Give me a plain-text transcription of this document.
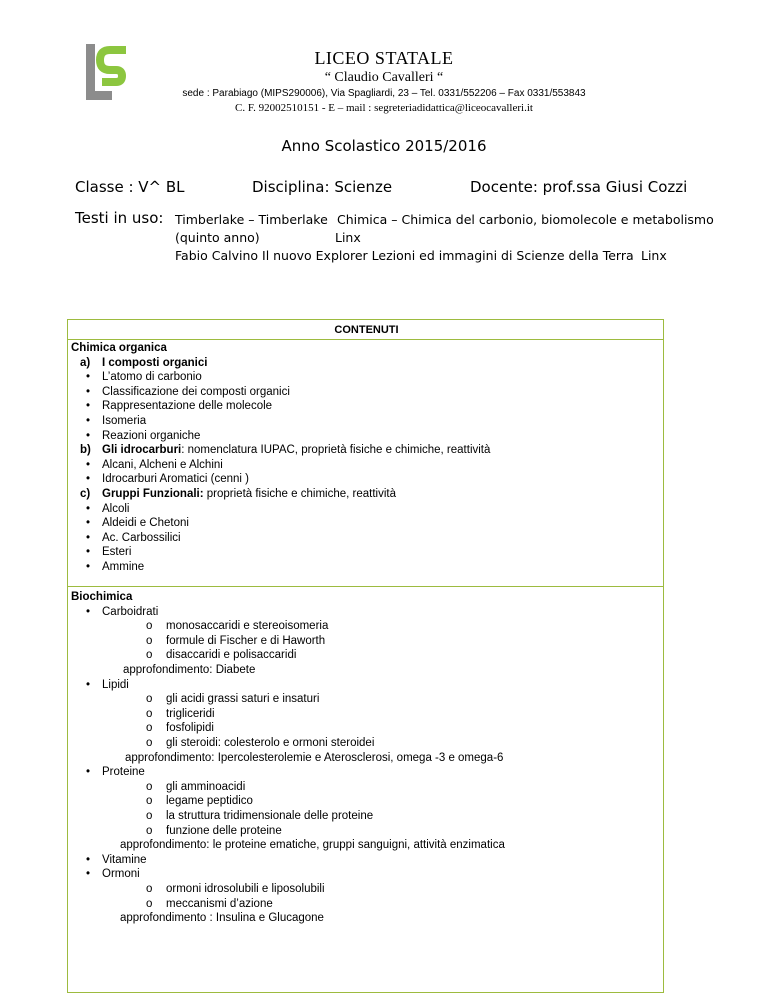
LICEO STATALE
“ Claudio Cavalleri “
sede : Parabiago (MIPS290006), Via Spagliardi, 23 – Tel. 0331/552206 – Fax 0331/553843
C. F. 92002510151 - E – mail : segreteriadidattica@liceocavalleri.it
Anno Scolastico 2015/2016
Classe : V^ BL	Disciplina: Scienze	Docente: prof.ssa Giusi Cozzi
Testi in uso: Timberlake – Timberlake Chimica – Chimica del carbonio, biomolecole e metabolismo
(quinto anno)	Linx
Fabio Calvino Il nuovo Explorer Lezioni ed immagini di Scienze della Terra Linx
CONTENUTI
Chimica organica
a) I composti organici
• L’atomo di carbonio
• Classificazione dei composti organici
• Rappresentazione delle molecole
• Isomeria
• Reazioni organiche
b) Gli idrocarburi: nomenclatura IUPAC, proprietà fisiche e chimiche, reattività
• Alcani, Alcheni e Alchini
• Idrocarburi Aromatici (cenni )
c) Gruppi Funzionali: proprietà fisiche e chimiche, reattività
• Alcoli
• Aldeidi e Chetoni
• Ac. Carbossilici
• Esteri
• Ammine
Biochimica
• Carboidrati
o monosaccaridi e stereoisomeria
o formule di Fischer e di Haworth
o disaccaridi e polisaccaridi
approfondimento: Diabete
• Lipidi
o gli acidi grassi saturi e insaturi
o trigliceridi
o fosfolipidi
o gli steroidi: colesterolo e ormoni steroidei
approfondimento: Ipercolesterolemie e Aterosclerosi, omega -3 e omega-6
• Proteine
o gli amminoacidi
o legame peptidico
o la struttura tridimensionale delle proteine
o funzione delle proteine
approfondimento: le proteine ematiche, gruppi sanguigni, attività enzimatica
• Vitamine
• Ormoni
o ormoni idrosolubili e liposolubili
o meccanismi d’azione
approfondimento : Insulina e Glucagone
